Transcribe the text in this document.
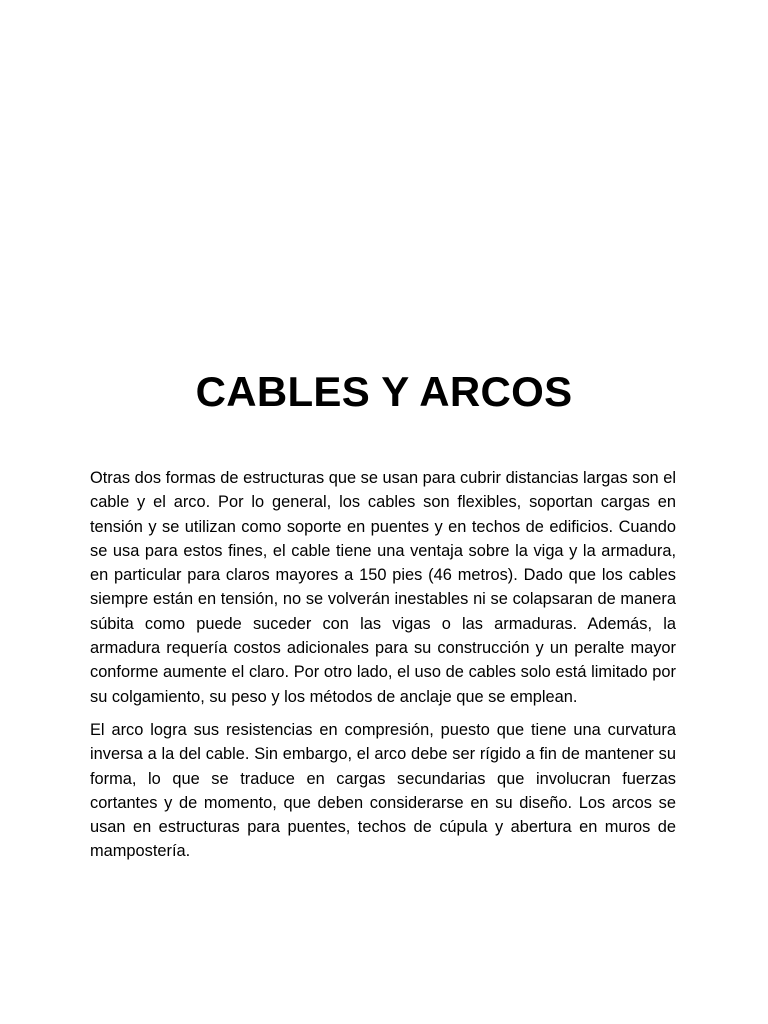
CABLES Y ARCOS

Otras dos formas de estructuras que se usan para cubrir distancias largas son el cable y el arco. Por lo general, los cables son flexibles, soportan cargas en tensión y se utilizan como soporte en puentes y en techos de edificios. Cuando se usa para estos fines, el cable tiene una ventaja sobre la viga y la armadura, en particular para claros mayores a 150 pies (46 metros). Dado que los cables siempre están en tensión, no se volverán inestables ni se colapsaran de manera súbita como puede suceder con las vigas o las armaduras. Además, la armadura requería costos adicionales para su construcción y un peralte mayor conforme aumente el claro. Por otro lado, el uso de cables solo está limitado por su colgamiento, su peso y los métodos de anclaje que se emplean.

El arco logra sus resistencias en compresión, puesto que tiene una curvatura inversa a la del cable. Sin embargo, el arco debe ser rígido a fin de mantener su forma, lo que se traduce en cargas secundarias que involucran fuerzas cortantes y de momento, que deben considerarse en su diseño. Los arcos se usan en estructuras para puentes, techos de cúpula y abertura en muros de mampostería.
